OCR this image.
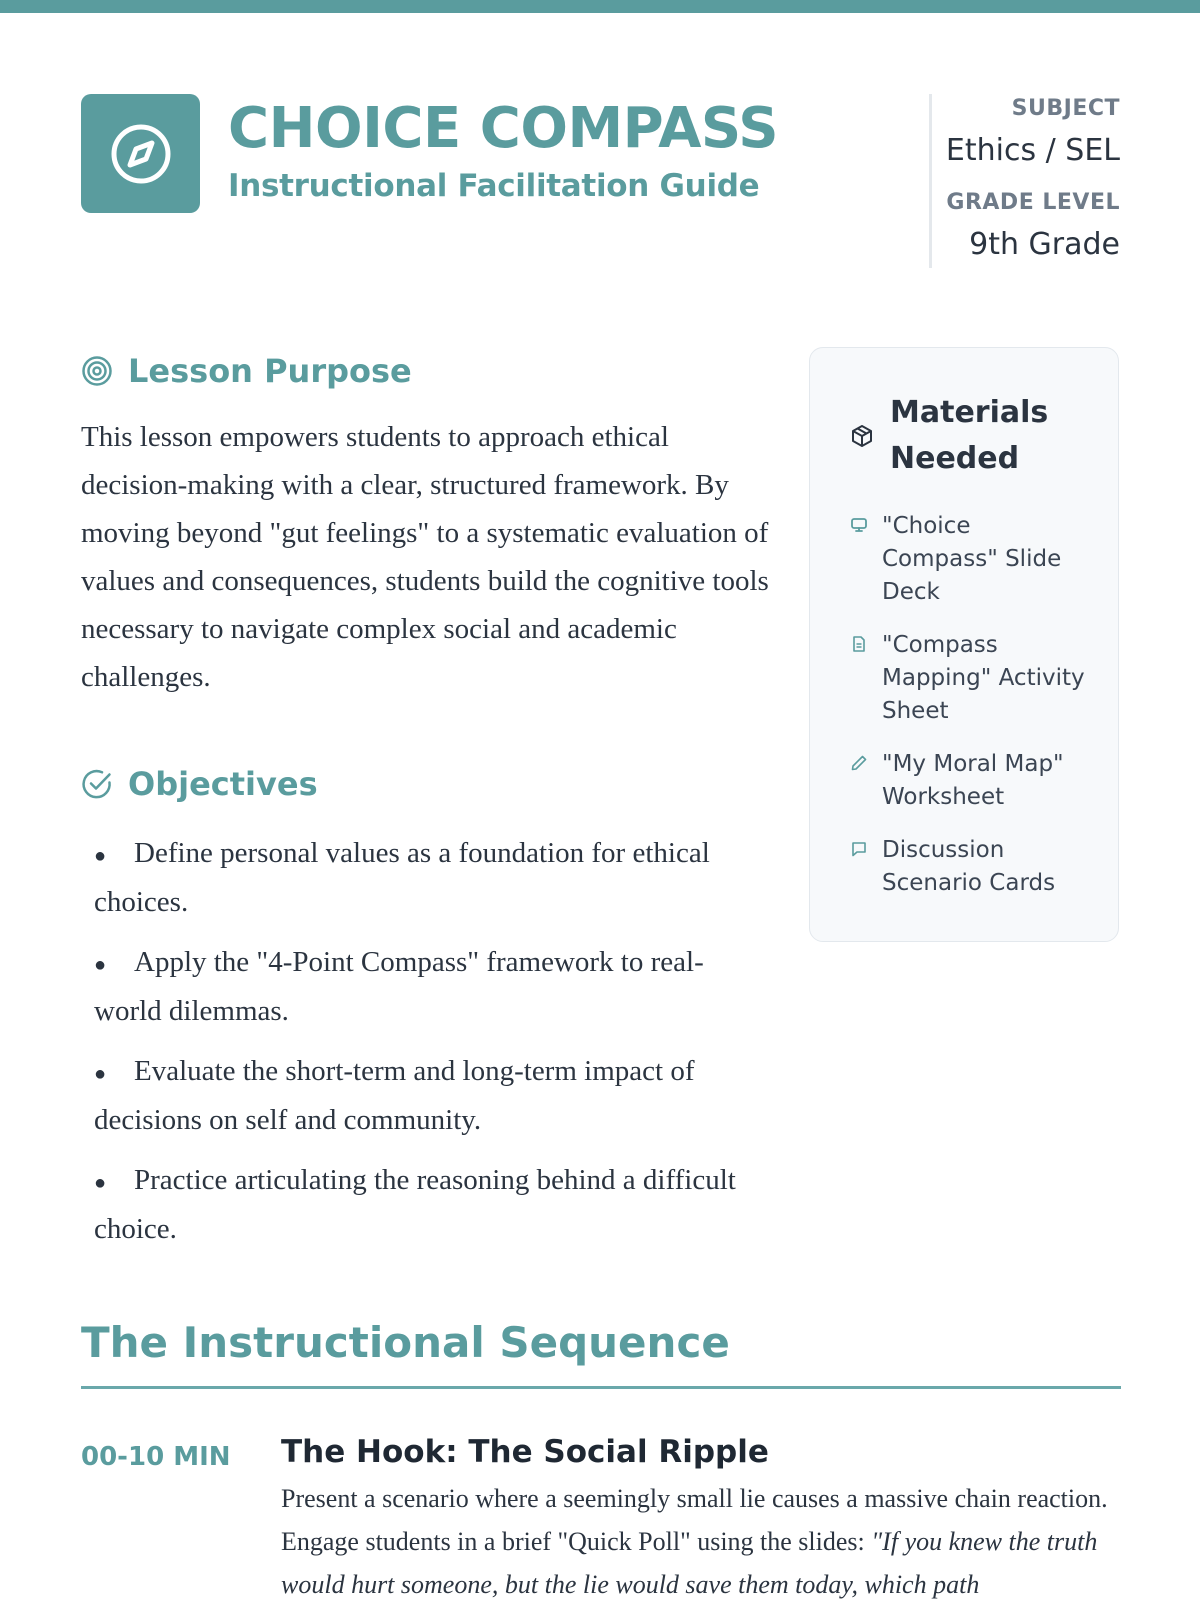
CHOICE COMPASS
Instructional Facilitation Guide
SUBJECT
Ethics / SEL
GRADE LEVEL
9th Grade
Lesson Purpose
This lesson empowers students to approach ethical decision-making with a clear, structured framework. By moving beyond "gut feelings" to a systematic evaluation of values and consequences, students build the cognitive tools necessary to navigate complex social and academic challenges.
Objectives
● Define personal values as a foundation for ethical choices.
● Apply the "4-Point Compass" framework to real-world dilemmas.
● Evaluate the short-term and long-term impact of decisions on self and community.
● Practice articulating the reasoning behind a difficult choice.
Materials Needed
"Choice Compass" Slide Deck
"Compass Mapping" Activity Sheet
"My Moral Map" Worksheet
Discussion Scenario Cards
The Instructional Sequence
00-10 MIN The Hook: The Social Ripple
Present a scenario where a seemingly small lie causes a massive chain reaction. Engage students in a brief "Quick Poll" using the slides: "If you knew the truth would hurt someone, but the lie would save them today, which path
